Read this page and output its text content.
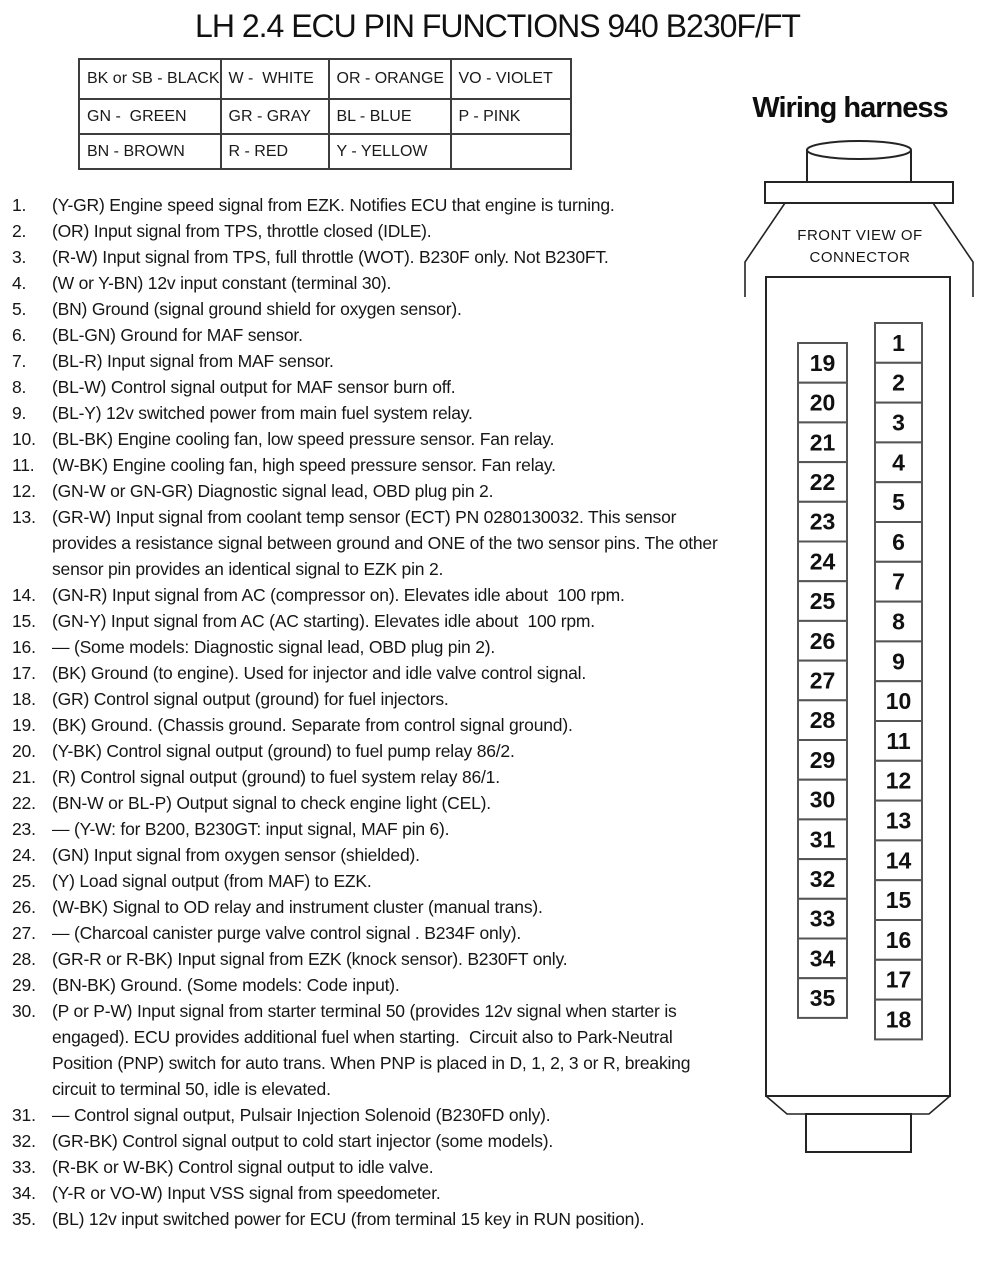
LH 2.4 ECU PIN FUNCTIONS 940 B230F/FT
BK or SB - BLACK	W -  WHITE	OR - ORANGE	VO - VIOLET
GN -  GREEN	GR - GRAY	BL - BLUE	P - PINK
BN - BROWN	R - RED	Y - YELLOW	
1.	(Y-GR) Engine speed signal from EZK. Notifies ECU that engine is turning.
2.	(OR) Input signal from TPS, throttle closed (IDLE).
3.	(R-W) Input signal from TPS, full throttle (WOT). B230F only. Not B230FT.
4.	(W or Y-BN) 12v input constant (terminal 30).
5.	(BN) Ground (signal ground shield for oxygen sensor).
6.	(BL-GN) Ground for MAF sensor.
7.	(BL-R) Input signal from MAF sensor.
8.	(BL-W) Control signal output for MAF sensor burn off.
9.	(BL-Y) 12v switched power from main fuel system relay.
10. (BL-BK) Engine cooling fan, low speed pressure sensor. Fan relay.
11.	(W-BK) Engine cooling fan, high speed pressure sensor. Fan relay.
12. (GN-W or GN-GR) Diagnostic signal lead, OBD plug pin 2.
13. (GR-W) Input signal from coolant temp sensor (ECT) PN 0280130032. This sensor provides a resistance signal between ground and ONE of the two sensor pins. The other sensor pin provides an identical signal to EZK pin 2.
14. (GN-R) Input signal from AC (compressor on). Elevates idle about  100 rpm.
15. (GN-Y) Input signal from AC (AC starting). Elevates idle about  100 rpm.
16. — (Some models: Diagnostic signal lead, OBD plug pin 2).
17. (BK) Ground (to engine). Used for injector and idle valve control signal.
18. (GR) Control signal output (ground) for fuel injectors.
19. (BK) Ground. (Chassis ground. Separate from control signal ground).
20. (Y-BK) Control signal output (ground) to fuel pump relay 86/2.
21. (R) Control signal output (ground) to fuel system relay 86/1.
22. (BN-W or BL-P) Output signal to check engine light (CEL).
23. — (Y-W: for B200, B230GT: input signal, MAF pin 6).
24. (GN) Input signal from oxygen sensor (shielded).
25. (Y) Load signal output (from MAF) to EZK.
26. (W-BK) Signal to OD relay and instrument cluster (manual trans).
27. — (Charcoal canister purge valve control signal . B234F only).
28. (GR-R or R-BK) Input signal from EZK (knock sensor). B230FT only.
29. (BN-BK) Ground. (Some models: Code input).
30. (P or P-W) Input signal from starter terminal 50 (provides 12v signal when starter is engaged). ECU provides additional fuel when starting.  Circuit also to Park-Neutral Position (PNP) switch for auto trans. When PNP is placed in D, 1, 2, 3 or R, breaking circuit to terminal 50, idle is elevated.
31. — Control signal output, Pulsair Injection Solenoid (B230FD only).
32. (GR-BK) Control signal output to cold start injector (some models).
33. (R-BK or W-BK) Control signal output to idle valve.
34. (Y-R or VO-W) Input VSS signal from speedometer.
35. (BL) 12v input switched power for ECU (from terminal 15 key in RUN position).
Wiring harness
FRONT VIEW OF
CONNECTOR
19
20
21
22
23
24
25
26
27
28
29
30
31
32
33
34
35
1
2
3
4
5
6
7
8
9
10
11
12
13
14
15
16
17
18
